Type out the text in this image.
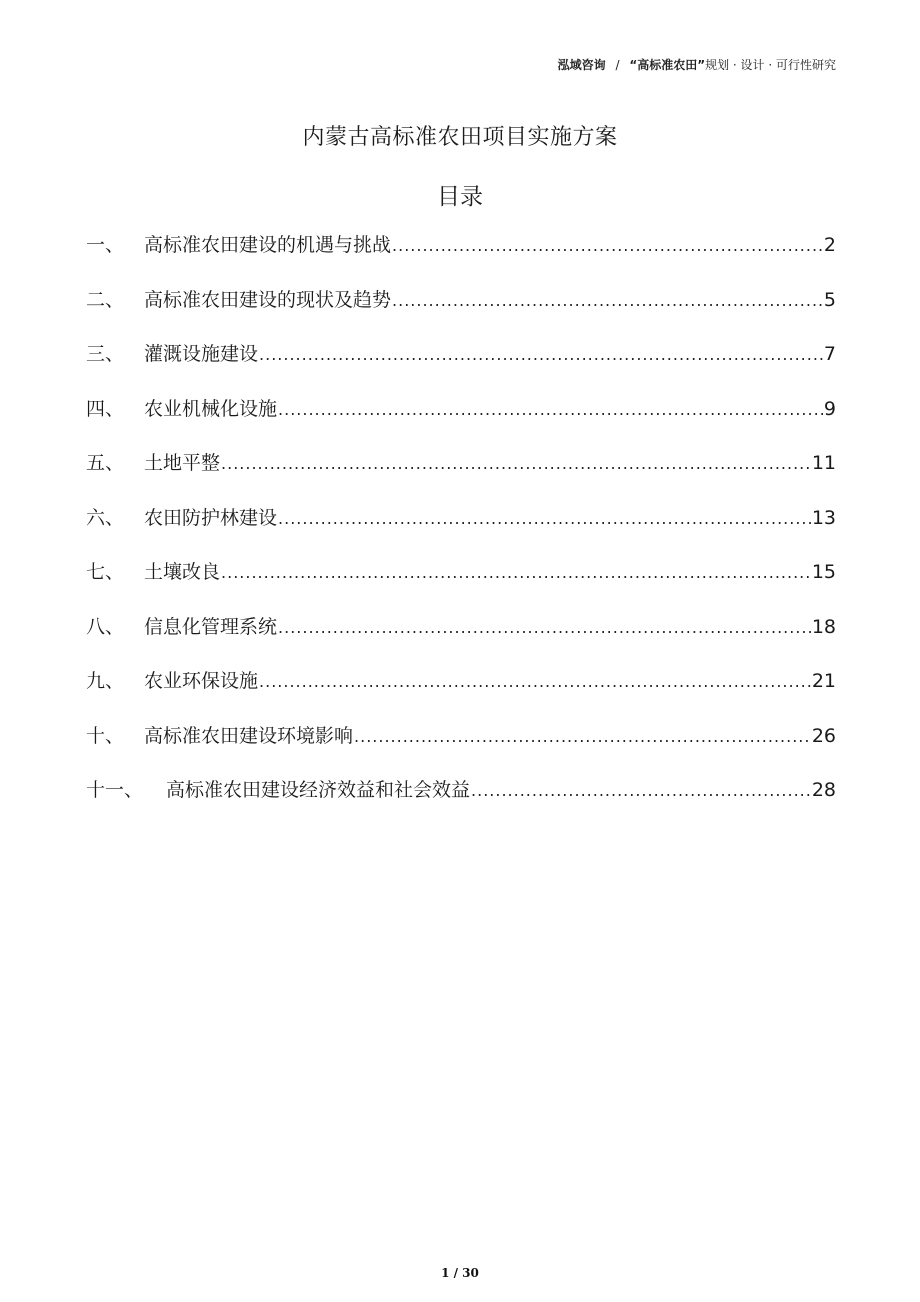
泓域咨询 / “高标准农田”规划 · 设计 · 可行性研究
内蒙古高标准农田项目实施方案
目录
一、	高标准农田建设的机遇与挑战 .....	2
二、	高标准农田建设的现状及趋势 .....	5
三、	灌溉设施建设 .....	7
四、	农业机械化设施 .....	9
五、	土地平整 .....	11
六、	农田防护林建设 .....	13
七、	土壤改良 .....	15
八、	信息化管理系统 .....	18
九、	农业环保设施 .....	21
十、	高标准农田建设环境影响 .....	26
十一、	高标准农田建设经济效益和社会效益 .....	28
1 / 30
